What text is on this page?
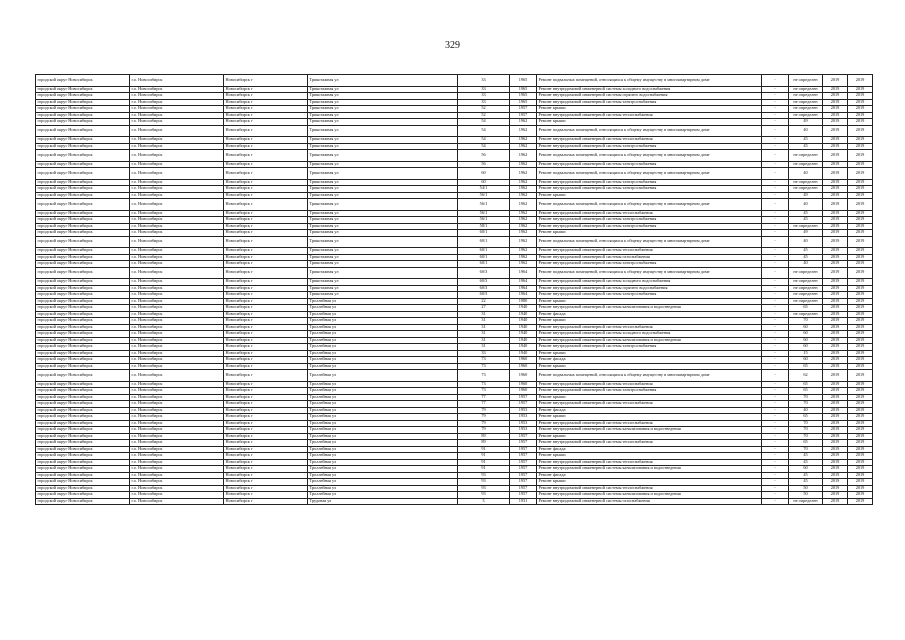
329
городской округ Новосибирск	г.о. Новосибирск	Новосибирск г	Трикотажная ул	33	1965	Ремонт подвальных помещений, относящихся к общему имуществу в многоквартирном доме	-	не определен	2019	2019
городской округ Новосибирск	г.о. Новосибирск	Новосибирск г	Трикотажная ул	33	1965	Ремонт внутридомовой инженерной системы холодного водоснабжения	-	не определен	2019	2019
городской округ Новосибирск	г.о. Новосибирск	Новосибирск г	Трикотажная ул	33	1965	Ремонт внутридомовой инженерной системы горячего водоснабжения	-	не определен	2019	2019
городской округ Новосибирск	г.о. Новосибирск	Новосибирск г	Трикотажная ул	33	1965	Ремонт внутридомовой инженерной системы электроснабжения	-	не определен	2019	2019
городской округ Новосибирск	г.о. Новосибирск	Новосибирск г	Трикотажная ул	52	1957	Ремонт крыши	-	не определен	2019	2019
городской округ Новосибирск	г.о. Новосибирск	Новосибирск г	Трикотажная ул	52	1957	Ремонт внутридомовой инженерной системы теплоснабжения	-	не определен	2019	2019
городской округ Новосибирск	г.о. Новосибирск	Новосибирск г	Трикотажная ул	54	1962	Ремонт крыши	-	49	2019	2019
городской округ Новосибирск	г.о. Новосибирск	Новосибирск г	Трикотажная ул	54	1962	Ремонт подвальных помещений, относящихся к общему имуществу в многоквартирном доме	-	40	2019	2019
городской округ Новосибирск	г.о. Новосибирск	Новосибирск г	Трикотажная ул	54	1962	Ремонт внутридомовой инженерной системы теплоснабжения	-	45	2019	2019
городской округ Новосибирск	г.о. Новосибирск	Новосибирск г	Трикотажная ул	54	1962	Ремонт внутридомовой инженерной системы электроснабжения	-	45	2019	2019
городской округ Новосибирск	г.о. Новосибирск	Новосибирск г	Трикотажная ул	56	1962	Ремонт подвальных помещений, относящихся к общему имуществу в многоквартирном доме	-	не определен	2019	2019
городской округ Новосибирск	г.о. Новосибирск	Новосибирск г	Трикотажная ул	56	1962	Ремонт внутридомовой инженерной системы электроснабжения	-	не определен	2019	2019
городской округ Новосибирск	г.о. Новосибирск	Новосибирск г	Трикотажная ул	60	1962	Ремонт подвальных помещений, относящихся к общему имуществу в многоквартирном доме	-	40	2019	2019
городской округ Новосибирск	г.о. Новосибирск	Новосибирск г	Трикотажная ул	60	1962	Ремонт внутридомовой инженерной системы электроснабжения	-	не определен	2019	2019
городской округ Новосибирск	г.о. Новосибирск	Новосибирск г	Трикотажная ул	54/1	1962	Ремонт внутридомовой инженерной системы электроснабжения	-	не определен	2019	2019
городской округ Новосибирск	г.о. Новосибирск	Новосибирск г	Трикотажная ул	56/1	1962	Ремонт крыши	-	49	2019	2019
городской округ Новосибирск	г.о. Новосибирск	Новосибирск г	Трикотажная ул	56/1	1962	Ремонт подвальных помещений, относящихся к общему имуществу в многоквартирном доме	-	40	2019	2019
городской округ Новосибирск	г.о. Новосибирск	Новосибирск г	Трикотажная ул	56/1	1962	Ремонт внутридомовой инженерной системы теплоснабжения	-	45	2019	2019
городской округ Новосибирск	г.о. Новосибирск	Новосибирск г	Трикотажная ул	56/1	1962	Ремонт внутридомовой инженерной системы электроснабжения	-	45	2019	2019
городской округ Новосибирск	г.о. Новосибирск	Новосибирск г	Трикотажная ул	58/1	1962	Ремонт внутридомовой инженерной системы электроснабжения	-	не определен	2019	2019
городской округ Новосибирск	г.о. Новосибирск	Новосибирск г	Трикотажная ул	60/1	1962	Ремонт крыши	-	49	2019	2019
городской округ Новосибирск	г.о. Новосибирск	Новосибирск г	Трикотажная ул	60/1	1962	Ремонт подвальных помещений, относящихся к общему имуществу в многоквартирном доме	-	40	2019	2019
городской округ Новосибирск	г.о. Новосибирск	Новосибирск г	Трикотажная ул	60/1	1962	Ремонт внутридомовой инженерной системы теплоснабжения	-	45	2019	2019
городской округ Новосибирск	г.о. Новосибирск	Новосибирск г	Трикотажная ул	60/1	1962	Ремонт внутридомовой инженерной системы газоснабжения	-	45	2019	2019
городской округ Новосибирск	г.о. Новосибирск	Новосибирск г	Трикотажная ул	60/1	1962	Ремонт внутридомовой инженерной системы электроснабжения	-	40	2019	2019
городской округ Новосибирск	г.о. Новосибирск	Новосибирск г	Трикотажная ул	60/3	1964	Ремонт подвальных помещений, относящихся к общему имуществу в многоквартирном доме	-	не определен	2019	2019
городской округ Новосибирск	г.о. Новосибирск	Новосибирск г	Трикотажная ул	60/3	1964	Ремонт внутридомовой инженерной системы холодного водоснабжения	-	не определен	2019	2019
городской округ Новосибирск	г.о. Новосибирск	Новосибирск г	Трикотажная ул	60/3	1964	Ремонт внутридомовой инженерной системы горячего водоснабжения	-	не определен	2019	2019
городской округ Новосибирск	г.о. Новосибирск	Новосибирск г	Трикотажная ул	60/3	1964	Ремонт внутридомовой инженерной системы электроснабжения	-	не определен	2019	2019
городской округ Новосибирск	г.о. Новосибирск	Новосибирск г	Троллейная ул	22	1980	Ремонт крыши	-	не определен	2019	2019
городской округ Новосибирск	г.о. Новосибирск	Новосибирск г	Троллейная ул	27	1940	Ремонт внутридомовой инженерной системы канализования и водоотведения	-	65	2019	2019
городской округ Новосибирск	г.о. Новосибирск	Новосибирск г	Троллейная ул	31	1940	Ремонт фасада	-	не определен	2019	2019
городской округ Новосибирск	г.о. Новосибирск	Новосибирск г	Троллейная ул	31	1940	Ремонт крыши	-	70	2019	2019
городской округ Новосибирск	г.о. Новосибирск	Новосибирск г	Троллейная ул	31	1940	Ремонт внутридомовой инженерной системы теплоснабжения	-	60	2019	2019
городской округ Новосибирск	г.о. Новосибирск	Новосибирск г	Троллейная ул	31	1940	Ремонт внутридомовой инженерной системы холодного водоснабжения	-	60	2019	2019
городской округ Новосибирск	г.о. Новосибирск	Новосибирск г	Троллейная ул	31	1940	Ремонт внутридомовой инженерной системы канализования и водоотведения	-	60	2019	2019
городской округ Новосибирск	г.о. Новосибирск	Новосибирск г	Троллейная ул	31	1940	Ремонт внутридомовой инженерной системы электроснабжения	-	60	2019	2019
городской округ Новосибирск	г.о. Новосибирск	Новосибирск г	Троллейная ул	33	1940	Ремонт крыши	-	15	2019	2019
городской округ Новосибирск	г.о. Новосибирск	Новосибирск г	Троллейная ул	73	1960	Ремонт фасада	-	60	2019	2019
городской округ Новосибирск	г.о. Новосибирск	Новосибирск г	Троллейная ул	73	1960	Ремонт крыши	-	65	2019	2019
городской округ Новосибирск	г.о. Новосибирск	Новосибирск г	Троллейная ул	73	1960	Ремонт подвальных помещений, относящихся к общему имуществу в многоквартирном доме	-	62	2019	2019
городской округ Новосибирск	г.о. Новосибирск	Новосибирск г	Троллейная ул	73	1960	Ремонт внутридомовой инженерной системы теплоснабжения	-	65	2019	2019
городской округ Новосибирск	г.о. Новосибирск	Новосибирск г	Троллейная ул	73	1960	Ремонт внутридомовой инженерной системы электроснабжения	-	65	2019	2019
городской округ Новосибирск	г.о. Новосибирск	Новосибирск г	Троллейная ул	77	1957	Ремонт крыши	-	70	2019	2019
городской округ Новосибирск	г.о. Новосибирск	Новосибирск г	Троллейная ул	77	1957	Ремонт внутридомовой инженерной системы теплоснабжения	-	70	2019	2019
городской округ Новосибирск	г.о. Новосибирск	Новосибирск г	Троллейная ул	79	1953	Ремонт фасада	-	40	2019	2019
городской округ Новосибирск	г.о. Новосибирск	Новосибирск г	Троллейная ул	79	1953	Ремонт крыши	-	65	2019	2019
городской округ Новосибирск	г.о. Новосибирск	Новосибирск г	Троллейная ул	79	1953	Ремонт внутридомовой инженерной системы теплоснабжения	-	70	2019	2019
городской округ Новосибирск	г.о. Новосибирск	Новосибирск г	Троллейная ул	79	1953	Ремонт внутридомовой инженерной системы канализования и водоотведения	-	70	2019	2019
городской округ Новосибирск	г.о. Новосибирск	Новосибирск г	Троллейная ул	89	1957	Ремонт крыши	-	70	2019	2019
городской округ Новосибирск	г.о. Новосибирск	Новосибирск г	Троллейная ул	89	1957	Ремонт внутридомовой инженерной системы теплоснабжения	-	65	2019	2019
городской округ Новосибирск	г.о. Новосибирск	Новосибирск г	Троллейная ул	91	1957	Ремонт фасада	-	70	2019	2019
городской округ Новосибирск	г.о. Новосибирск	Новосибирск г	Троллейная ул	91	1957	Ремонт крыши	-	45	2019	2019
городской округ Новосибирск	г.о. Новосибирск	Новосибирск г	Троллейная ул	91	1957	Ремонт внутридомовой инженерной системы теплоснабжения	-	45	2019	2019
городской округ Новосибирск	г.о. Новосибирск	Новосибирск г	Троллейная ул	91	1957	Ремонт внутридомовой инженерной системы канализования и водоотведения	-	60	2019	2019
городской округ Новосибирск	г.о. Новосибирск	Новосибирск г	Троллейная ул	93	1957	Ремонт фасада	-	45	2019	2019
городской округ Новосибирск	г.о. Новосибирск	Новосибирск г	Троллейная ул	93	1957	Ремонт крыши	-	45	2019	2019
городской округ Новосибирск	г.о. Новосибирск	Новосибирск г	Троллейная ул	93	1957	Ремонт внутридомовой инженерной системы теплоснабжения	-	50	2019	2019
городской округ Новосибирск	г.о. Новосибирск	Новосибирск г	Троллейная ул	93	1957	Ремонт внутридомовой инженерной системы канализования и водоотведения	-	50	2019	2019
городской округ Новосибирск	г.о. Новосибирск	Новосибирск г	Трудовая ул	3	1931	Ремонт внутридомовой инженерной системы газоснабжения	-	не определен	2019	2019
